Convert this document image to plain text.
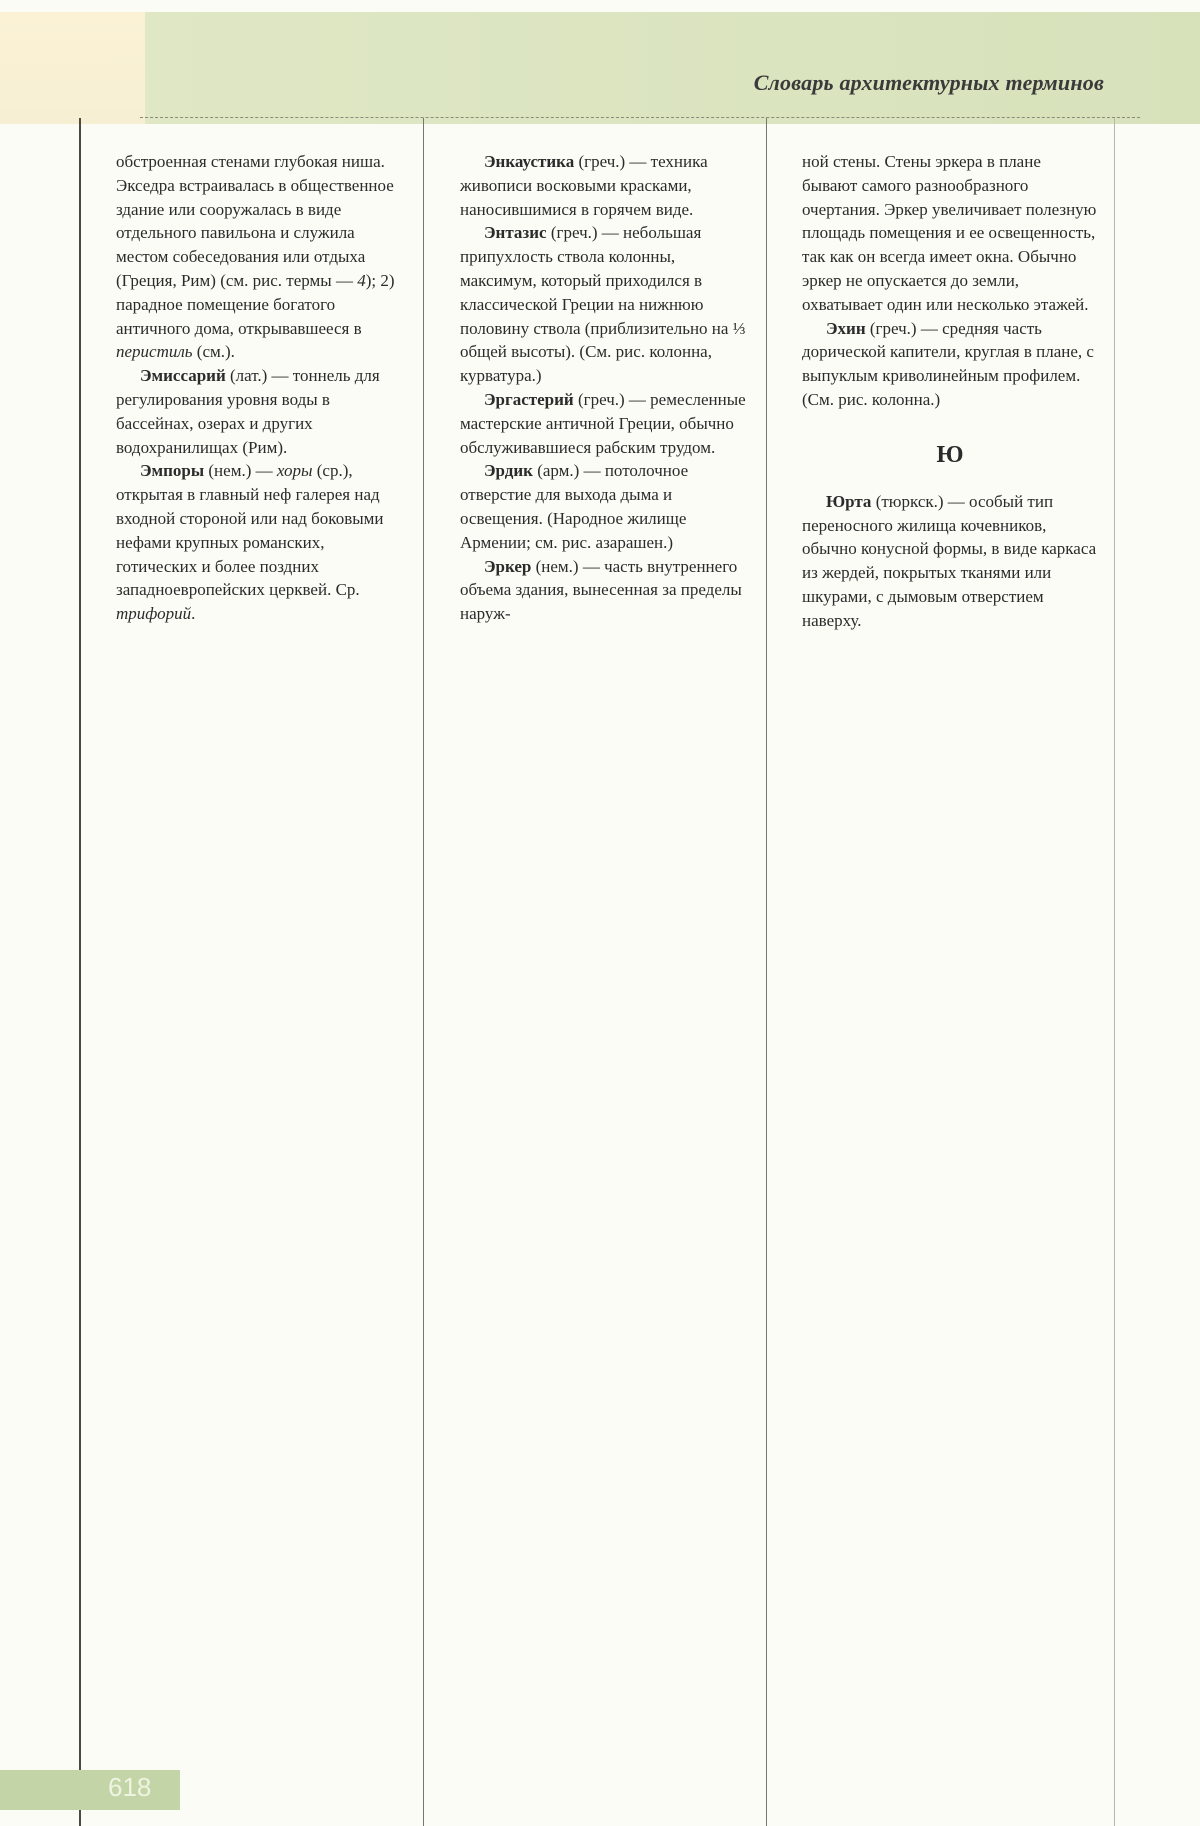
Словарь архитектурных терминов

обстроенная стенами глубокая ниша. Экседра встраивалась в общественное здание или сооружалась в виде отдельного павильона и служила местом собеседования или отдыха (Греция, Рим) (см. рис. термы — 4); 2) парадное помещение богатого античного дома, открывавшееся в перистиль (см.).

Эмиссарий (лат.) — тоннель для регулирования уровня воды в бассейнах, озерах и других водохранилищах (Рим).

Эмпоры (нем.) — хоры (ср.), открытая в главный неф галерея над входной стороной или над боковыми нефами крупных романских, готических и более поздних западноевропейских церквей. Ср. трифорий.

Энкаустика (греч.) — техника живописи восковыми красками, наносившимися в горячем виде.

Энтазис (греч.) — небольшая припухлость ствола колонны, максимум, который приходился в классической Греции на нижнюю половину ствола (приблизительно на ⅓ общей высоты). (См. рис. колонна, курватура.)

Эргастерий (греч.) — ремесленные мастерские античной Греции, обычно обслуживавшиеся рабским трудом.

Эрдик (арм.) — потолочное отверстие для выхода дыма и освещения. (Народное жилище Армении; см. рис. азарашен.)

Эркер (нем.) — часть внутреннего объема здания, вынесенная за пределы наруж-

ной стены. Стены эркера в плане бывают самого разнообразного очертания. Эркер увеличивает полезную площадь помещения и ее освещенность, так как он всегда имеет окна. Обычно эркер не опускается до земли, охватывает один или несколько этажей.

Эхин (греч.) — средняя часть дорической капители, круглая в плане, с выпуклым криволинейным профилем. (См. рис. колонна.)

Ю

Юрта (тюркск.) — особый тип переносного жилища кочевников, обычно конусной формы, в виде каркаса из жердей, покрытых тканями или шкурами, с дымовым отверстием наверху.

618
